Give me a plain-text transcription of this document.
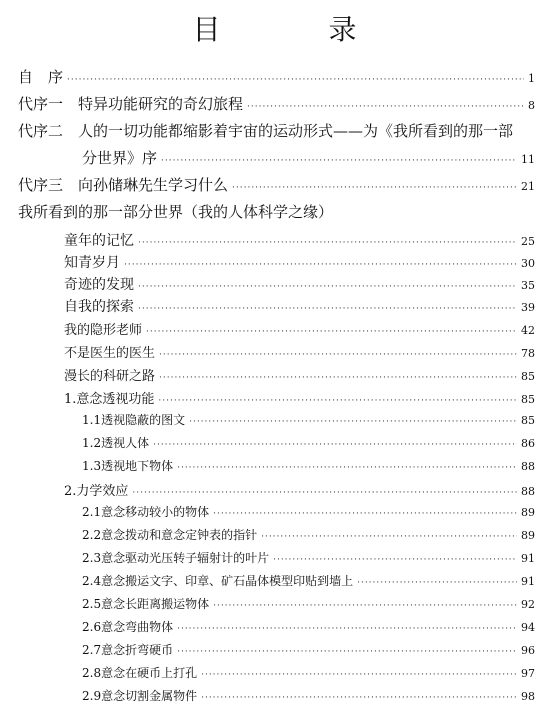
目　录
自　序 ·····	1
代序一　特异功能研究的奇幻旅程 ·····	8
代序二　人的一切功能都缩影着宇宙的运动形式——为《我所看到的那一部
分世界》序 ·····	11
代序三　向孙储琳先生学习什么 ·····	21
我所看到的那一部分世界（我的人体科学之缘）
童年的记忆 ·····	25
知青岁月 ·····	30
奇迹的发现 ·····	35
自我的探索 ·····	39
我的隐形老师 ·····	42
不是医生的医生 ·····	78
漫长的科研之路 ·····	85
1.意念透视功能 ·····	85
1.1透视隐蔽的图文 ·····	85
1.2透视人体 ·····	86
1.3透视地下物体 ·····	88
2.力学效应 ·····	88
2.1意念移动较小的物体 ·····	89
2.2意念拨动和意念定钟表的指针 ·····	89
2.3意念驱动光压转子辐射计的叶片 ·····	91
2.4意念搬运文字、印章、矿石晶体模型印贴到墙上 ·····	91
2.5意念长距离搬运物体 ·····	92
2.6意念弯曲物体 ·····	94
2.7意念折弯硬币 ·····	96
2.8意念在硬币上打孔 ·····	97
2.9意念切割金属物件 ·····	98
